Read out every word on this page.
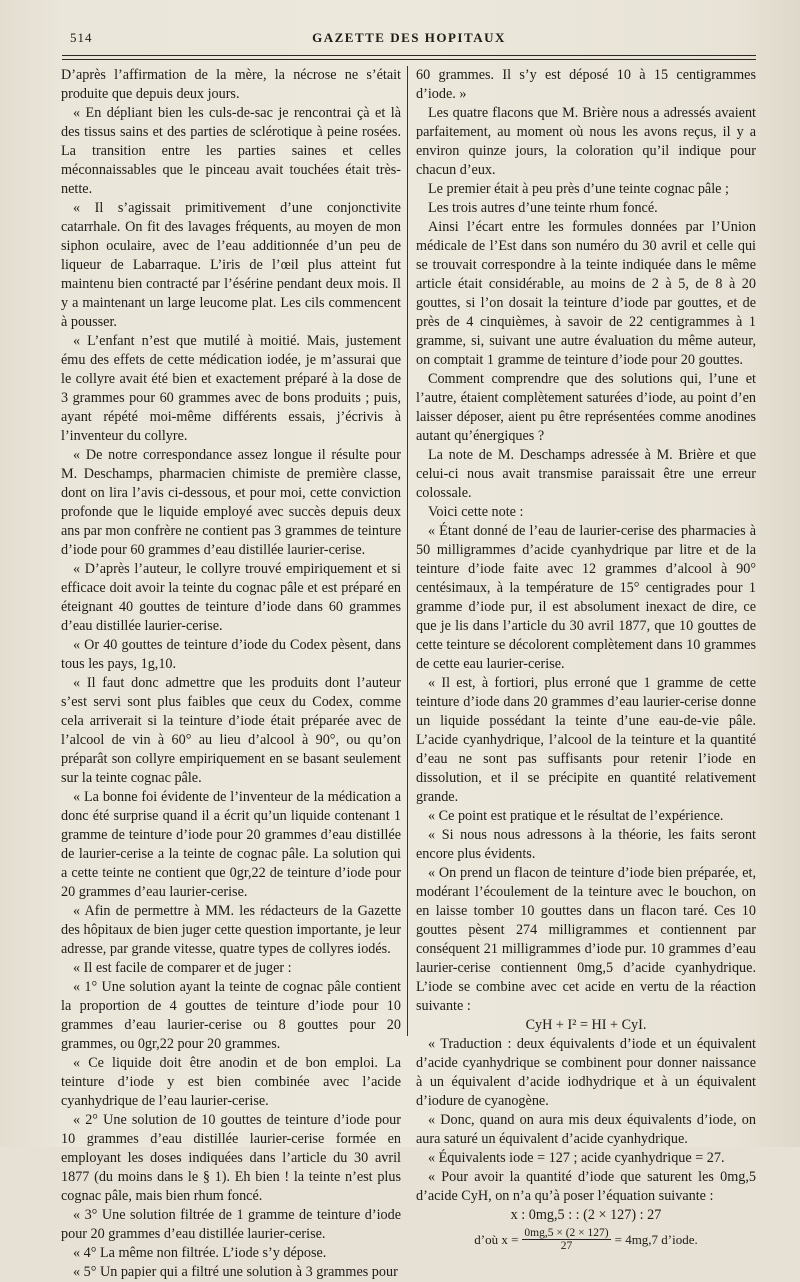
514	GAZETTE DES HOPITAUX

D’après l’affirmation de la mère, la nécrose ne s’était produite que depuis deux jours.

« En dépliant bien les culs-de-sac je rencontrai çà et là des tissus sains et des parties de sclérotique à peine rosées. La transition entre les parties saines et celles méconnaissables que le pinceau avait touchées était très-nette.

« Il s’agissait primitivement d’une conjonctivite catarrhale. On fit des lavages fréquents, au moyen de mon siphon oculaire, avec de l’eau additionnée d’un peu de liqueur de Labarraque. L’iris de l’œil plus atteint fut maintenu bien contracté par l’ésérine pendant deux mois. Il y a maintenant un large leucome plat. Les cils commencent à pousser.

« L’enfant n’est que mutilé à moitié. Mais, justement ému des effets de cette médication iodée, je m’assurai que le collyre avait été bien et exactement préparé à la dose de 3 grammes pour 60 grammes avec de bons produits ; puis, ayant répété moi-même différents essais, j’écrivis à l’inventeur du collyre.

« De notre correspondance assez longue il résulte pour M. Deschamps, pharmacien chimiste de première classe, dont on lira l’avis ci-dessous, et pour moi, cette conviction profonde que le liquide employé avec succès depuis deux ans par mon confrère ne contient pas 3 grammes de teinture d’iode pour 60 grammes d’eau distillée laurier-cerise.

« D’après l’auteur, le collyre trouvé empiriquement et si efficace doit avoir la teinte du cognac pâle et est préparé en éteignant 40 gouttes de teinture d’iode dans 60 grammes d’eau distillée laurier-cerise.

« Or 40 gouttes de teinture d’iode du Codex pèsent, dans tous les pays, 1g,10.

« Il faut donc admettre que les produits dont l’auteur s’est servi sont plus faibles que ceux du Codex, comme cela arriverait si la teinture d’iode était préparée avec de l’alcool de vin à 60° au lieu d’alcool à 90°, ou qu’on préparât son collyre empiriquement en se basant seulement sur la teinte cognac pâle.

« La bonne foi évidente de l’inventeur de la médication a donc été surprise quand il a écrit qu’un liquide contenant 1 gramme de teinture d’iode pour 20 grammes d’eau distillée de laurier-cerise a la teinte de cognac pâle. La solution qui a cette teinte ne contient que 0gr,22 de teinture d’iode pour 20 grammes d’eau laurier-cerise.

« Afin de permettre à MM. les rédacteurs de la Gazette des hôpitaux de bien juger cette question importante, je leur adresse, par grande vitesse, quatre types de collyres iodés.

« Il est facile de comparer et de juger :

« 1° Une solution ayant la teinte de cognac pâle contient la proportion de 4 gouttes de teinture d’iode pour 10 grammes d’eau laurier-cerise ou 8 gouttes pour 20 grammes, ou 0gr,22 pour 20 grammes.

« Ce liquide doit être anodin et de bon emploi. La teinture d’iode y est bien combinée avec l’acide cyanhydrique de l’eau laurier-cerise.

« 2° Une solution de 10 gouttes de teinture d’iode pour 10 grammes d’eau distillée laurier-cerise formée en employant les doses indiquées dans l’article du 30 avril 1877 (du moins dans le § 1). Eh bien ! la teinte n’est plus cognac pâle, mais bien rhum foncé.

« 3° Une solution filtrée de 1 gramme de teinture d’iode pour 20 grammes d’eau distillée laurier-cerise.

« 4° La même non filtrée. L’iode s’y dépose.

« 5° Un papier qui a filtré une solution à 3 grammes pour

60 grammes. Il s’y est déposé 10 à 15 centigrammes d’iode. »

Les quatre flacons que M. Brière nous a adressés avaient parfaitement, au moment où nous les avons reçus, il y a environ quinze jours, la coloration qu’il indique pour chacun d’eux.

Le premier était à peu près d’une teinte cognac pâle ;

Les trois autres d’une teinte rhum foncé.

Ainsi l’écart entre les formules données par l’Union médicale de l’Est dans son numéro du 30 avril et celle qui se trouvait correspondre à la teinte indiquée dans le même article était considérable, au moins de 2 à 5, de 8 à 20 gouttes, si l’on dosait la teinture d’iode par gouttes, et de près de 4 cinquièmes, à savoir de 22 centigrammes à 1 gramme, si, suivant une autre évaluation du même auteur, on comptait 1 gramme de teinture d’iode pour 20 gouttes.

Comment comprendre que des solutions qui, l’une et l’autre, étaient complètement saturées d’iode, au point d’en laisser déposer, aient pu être représentées comme anodines autant qu’énergiques ?

La note de M. Deschamps adressée à M. Brière et que celui-ci nous avait transmise paraissait être une erreur colossale.

Voici cette note :

« Étant donné de l’eau de laurier-cerise des pharmacies à 50 milligrammes d’acide cyanhydrique par litre et de la teinture d’iode faite avec 12 grammes d’alcool à 90° centésimaux, à la température de 15° centigrades pour 1 gramme d’iode pur, il est absolument inexact de dire, ce que je lis dans l’article du 30 avril 1877, que 10 gouttes de cette teinture se décolorent complètement dans 10 grammes de cette eau laurier-cerise.

« Il est, à fortiori, plus erroné que 1 gramme de cette teinture d’iode dans 20 grammes d’eau laurier-cerise donne un liquide possédant la teinte d’une eau-de-vie pâle. L’acide cyanhydrique, l’alcool de la teinture et la quantité d’eau ne sont pas suffisants pour retenir l’iode en dissolution, et il se précipite en quantité relativement grande.

« Ce point est pratique et le résultat de l’expérience.

« Si nous nous adressons à la théorie, les faits seront encore plus évidents.

« On prend un flacon de teinture d’iode bien préparée, et, modérant l’écoulement de la teinture avec le bouchon, on en laisse tomber 10 gouttes dans un flacon taré. Ces 10 gouttes pèsent 274 milligrammes et contiennent par conséquent 21 milligrammes d’iode pur. 10 grammes d’eau laurier-cerise contiennent 0mg,5 d’acide cyanhydrique. L’iode se combine avec cet acide en vertu de la réaction suivante :

CyH + I² = HI + CyI.

« Traduction : deux équivalents d’iode et un équivalent d’acide cyanhydrique se combinent pour donner naissance à un équivalent d’acide iodhydrique et à un équivalent d’iodure de cyanogène.

« Donc, quand on aura mis deux équivalents d’iode, on aura saturé un équivalent d’acide cyanhydrique.

« Équivalents iode = 127 ; acide cyanhydrique = 27.

« Pour avoir la quantité d’iode que saturent les 0mg,5 d’acide CyH, on n’a qu’à poser l’équation suivante :

x : 0mg,5 : : (2 × 127) : 27

d’où $x = \frac{0mg,5 \times (2 \times 127)}{27} = 4mg,7$ d’iode.
